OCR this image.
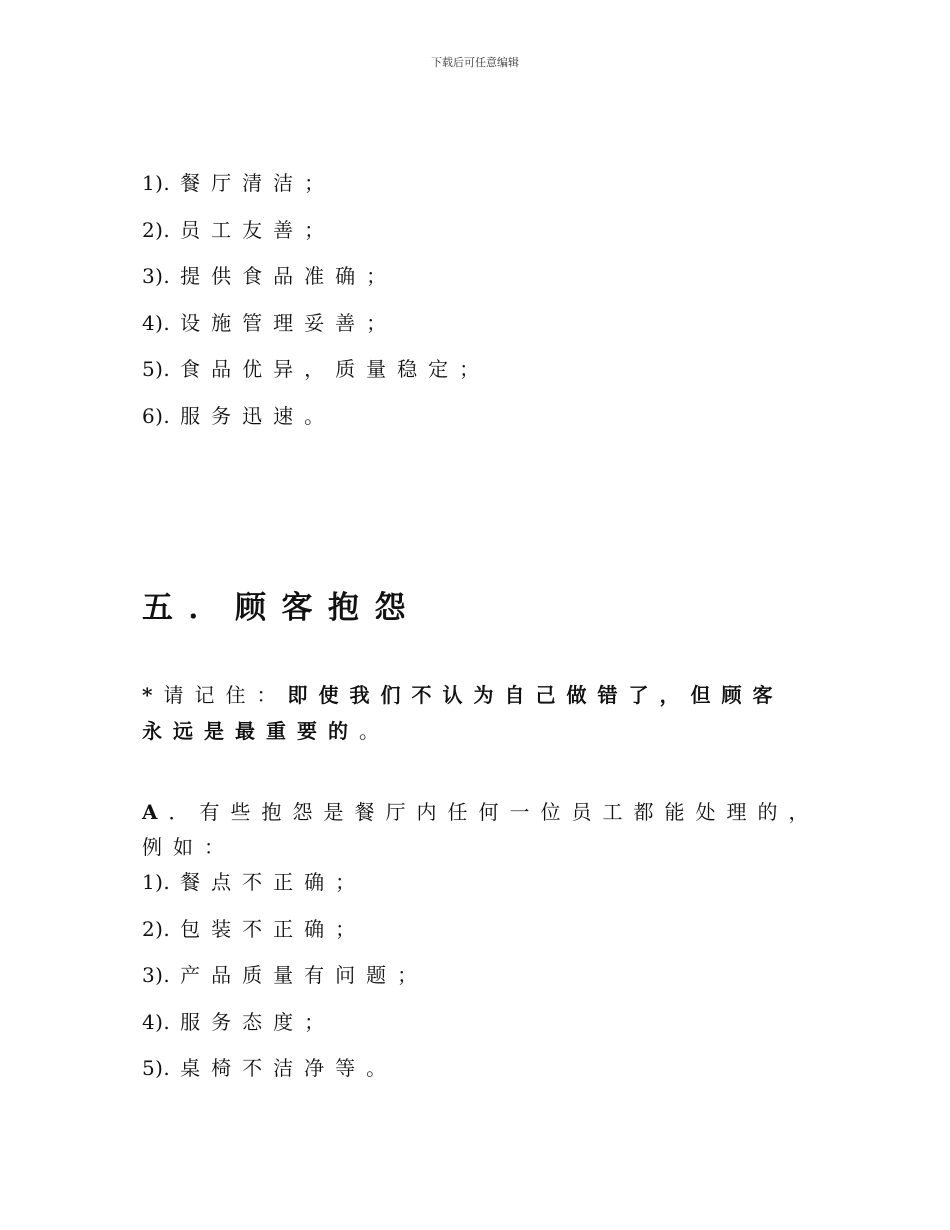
下载后可任意编辑
1). 餐厅清洁；
2). 员工友善；
3). 提供食品准确；
4). 设施管理妥善；
5). 食品优异，质量稳定；
6). 服务迅速。
五．顾客抱怨
*请记住：即使我们不认为自己做错了，但顾客
永远是最重要的。
A．有些抱怨是餐厅内任何一位员工都能处理的，
例如：
1). 餐点不正确；
2). 包装不正确；
3). 产品质量有问题；
4). 服务态度；
5). 桌椅不洁净等。
